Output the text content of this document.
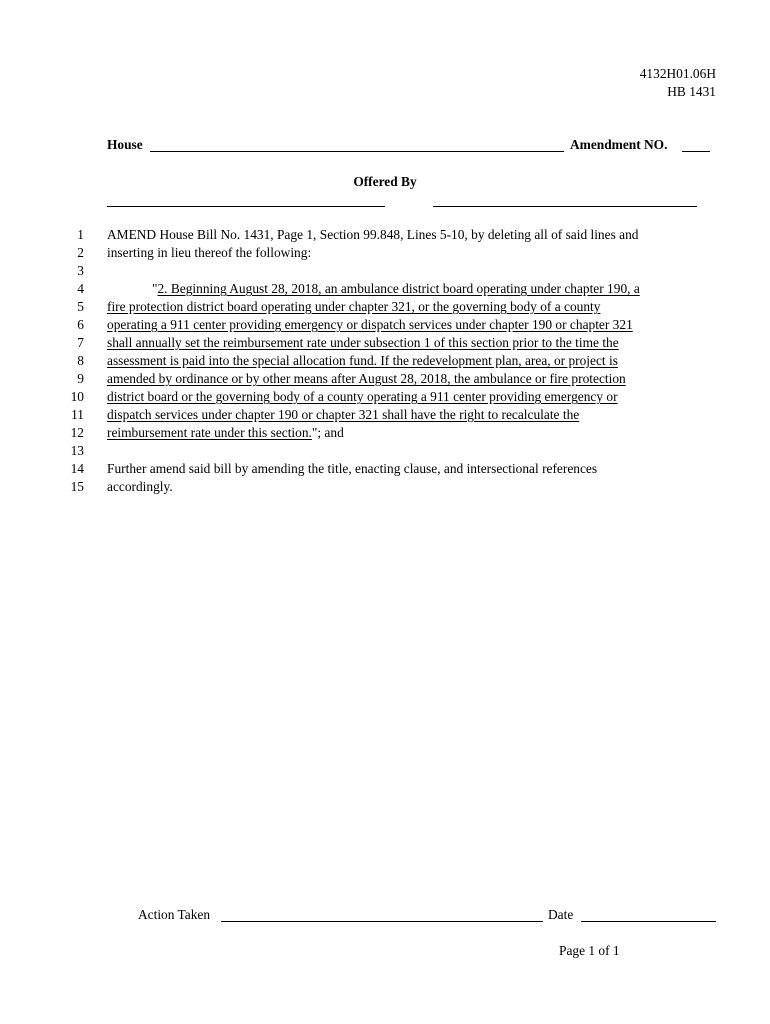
4132H01.06H
HB 1431
House	Amendment NO.
Offered By
1 AMEND House Bill No. 1431, Page 1, Section 99.848, Lines 5-10, by deleting all of said lines and
2 inserting in lieu thereof the following:
3
4	"2. Beginning August 28, 2018, an ambulance district board operating under chapter 190, a
5 fire protection district board operating under chapter 321, or the governing body of a county
6 operating a 911 center providing emergency or dispatch services under chapter 190 or chapter 321
7 shall annually set the reimbursement rate under subsection 1 of this section prior to the time the
8 assessment is paid into the special allocation fund. If the redevelopment plan, area, or project is
9 amended by ordinance or by other means after August 28, 2018, the ambulance or fire protection
10 district board or the governing body of a county operating a 911 center providing emergency or
11 dispatch services under chapter 190 or chapter 321 shall have the right to recalculate the
12 reimbursement rate under this section."; and
13
14 Further amend said bill by amending the title, enacting clause, and intersectional references
15 accordingly.
Action Taken	Date
Page 1 of 1
